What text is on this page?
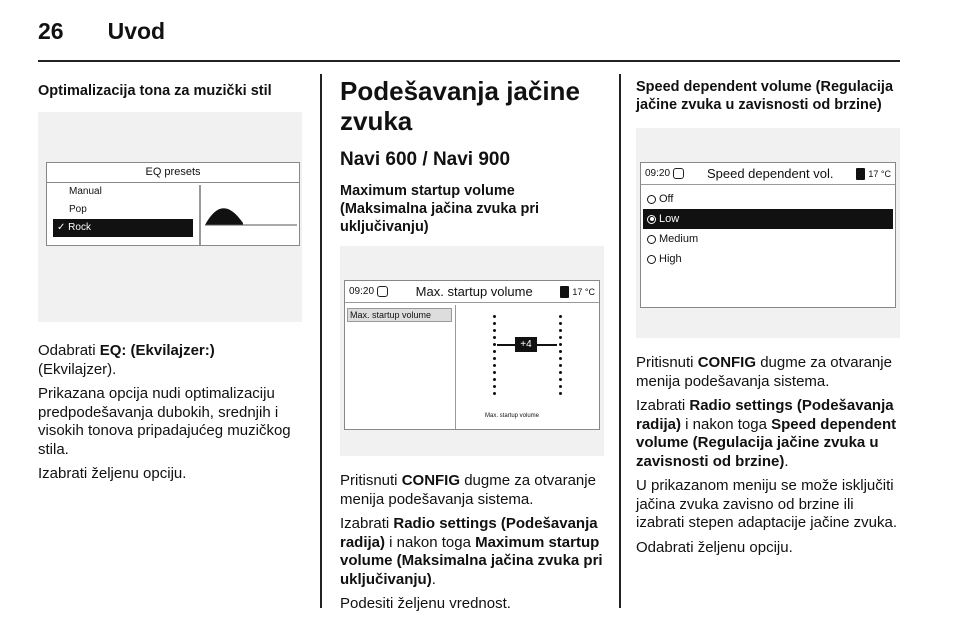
26 Uvod
Optimalizacija tona za muzički stil
EQ presets
Manual
Pop
✓ Rock

Odabrati EQ: (Ekvilajzer:)
(Ekvilajzer).

Prikazana opcija nudi optimalizaciju predpodešavanja dubokih, srednjih i visokih tonova pripadajućeg muzičkog stila.

Izabrati željenu opciju.

Podešavanja jačine zvuka
Navi 600 / Navi 900
Maximum startup volume (Maksimalna jačina zvuka pri uključivanju)
09:20	Max. startup volume	17 °C
Max. startup volume
+4
Max. startup volume

Pritisnuti CONFIG dugme za otvaranje menija podešavanja sistema.

Izabrati Radio settings (Podešavanja radija) i nakon toga Maximum startup volume (Maksimalna jačina zvuka pri uključivanju).

Podesiti željenu vrednost.

Speed dependent volume (Regulacija jačine zvuka u zavisnosti od brzine)
09:20	Speed dependent vol.	17 °C
Off
Low
Medium
High

Pritisnuti CONFIG dugme za otvaranje menija podešavanja sistema.

Izabrati Radio settings (Podešavanja radija) i nakon toga Speed dependent volume (Regulacija jačine zvuka u zavisnosti od brzine).

U prikazanom meniju se može isključiti jačina zvuka zavisno od brzine ili izabrati stepen adaptacije jačine zvuka.

Odabrati željenu opciju.
